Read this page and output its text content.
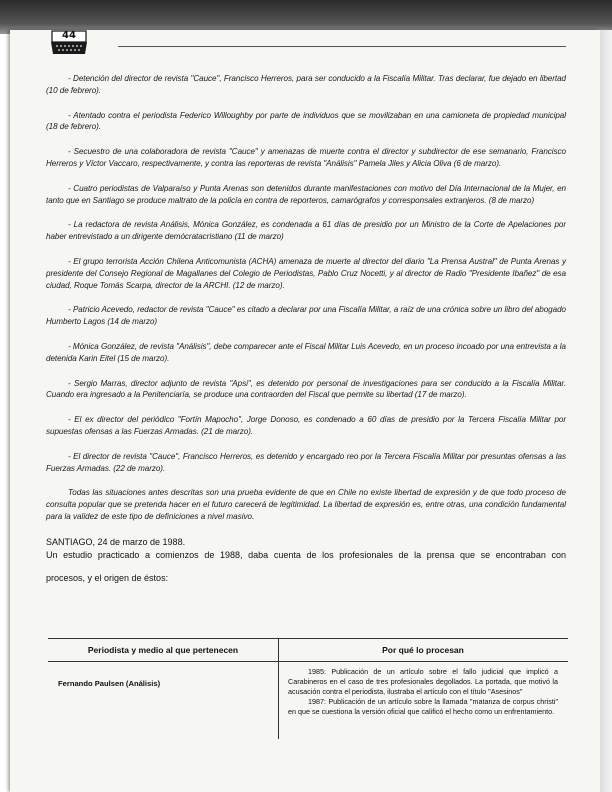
44

- Detención del director de revista "Cauce", Francisco Herreros, para ser conducido a la Fiscalía Militar. Tras declarar, fue dejado en libertad (10 de febrero).

- Atentado contra el periodista Federico Willoughby por parte de individuos que se movilizaban en una camioneta de propiedad municipal (18 de febrero).

- Secuestro de una colaboradora de revista "Cauce" y amenazas de muerte contra el director y subdirector de ese semanario, Francisco Herreros y Víctor Vaccaro, respectivamente, y contra las reporteras de revista "Análisis" Pamela Jiles y Alicia Oliva (6 de marzo).

- Cuatro periodistas de Valparaíso y Punta Arenas son detenidos durante manifestaciones con motivo del Día Internacional de la Mujer, en tanto que en Santiago se produce maltrato de la policía en contra de reporteros, camarógrafos y corresponsales extranjeros. (8 de marzo)

- La redactora de revista Análisis, Mónica González, es condenada a 61 días de presidio por un Ministro de la Corte de Apelaciones por haber entrevistado a un dirigente demócratacristiano (11 de marzo)

- El grupo terrorista Acción Chilena Anticomunista (ACHA) amenaza de muerte al director del diario "La Prensa Austral" de Punta Arenas y presidente del Consejo Regional de Magallanes del Colegio de Periodistas, Pablo Cruz Nocetti, y al director de Radio "Presidente Ibañez" de esa ciudad, Roque Tomás Scarpa, director de la ARCHI. (12 de marzo).

- Patricio Acevedo, redactor de revista "Cauce" es citado a declarar por una Fiscalía Militar, a raíz de una crónica sobre un libro del abogado Humberto Lagos (14 de marzo)

- Mónica González, de revista "Análisis", debe comparecer ante el Fiscal Militar Luis Acevedo, en un proceso incoado por una entrevista a la detenida Karin Eitel (15 de marzo).

- Sergio Marras, director adjunto de revista "Apsi", es detenido por personal de investigaciones para ser conducido a la Fiscalía Militar. Cuando era ingresado a la Penitenciaría, se produce una contraorden del Fiscal que permite su libertad (17 de marzo).

- El ex director del periódico "Fortín Mapocho", Jorge Donoso, es condenado a 60 días de presidio por la Tercera Fiscalía Militar por supuestas ofensas a las Fuerzas Armadas. (21 de marzo).

- El director de revista "Cauce", Francisco Herreros, es detenido y encargado reo por la Tercera Fiscalía Militar por presuntas ofensas a las Fuerzas Armadas. (22 de marzo).

Todas las situaciones antes descritas son una prueba evidente de que en Chile no existe libertad de expresión y de que todo proceso de consulta popular que se pretenda hacer en el futuro carecerá de legitimidad. La libertad de expresión es, entre otras, una condición fundamental para la validez de este tipo de definiciones a nivel masivo.

SANTIAGO, 24 de marzo de 1988.

Un estudio practicado a comienzos de 1988, daba cuenta de los profesionales de la prensa que se encontraban con

procesos, y el origen de éstos:

Periodista y medio al que pertenecen	Por qué lo procesan
Fernando Paulsen (Análisis)

1985: Publicación de un artículo sobre el fallo judicial que implicó a Carabineros en el caso de tres profesionales degollados. La portada, que motivó la acusación contra el periodista, ilustraba el artículo con el título "Asesinos"

1987: Publicación de un artículo sobre la llamada "matanza de corpus christi" en que se cuestiona la versión oficial que calificó el hecho como un enfrentamiento.
